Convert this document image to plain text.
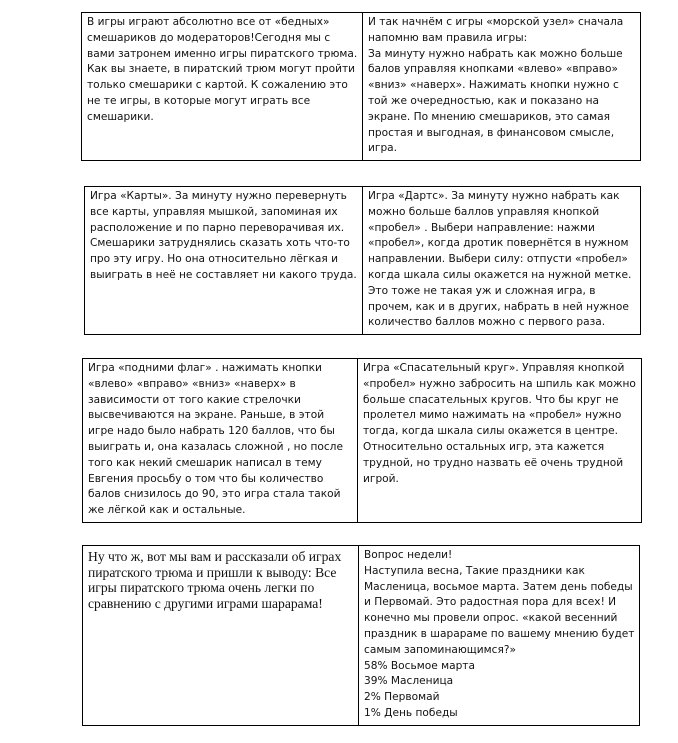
В игры играют абсолютно все от «бедных» смешариков до модераторов!Сегодня мы с вами затронем именно игры пиратского трюма. Как вы знаете, в пиратский трюм могут пройти только смешарики с картой. К сожалению это не те игры, в которые могут играть все смешарики.

И так начнём с игры «морской узел» сначала напомню вам правила игры:
За минуту нужно набрать как можно больше балов управляя кнопками «влево» «вправо» «вниз» «наверх». Нажимать кнопки нужно с той же очередностью, как и показано на экране. По мнению смешариков, это самая простая и выгодная, в финансовом смысле, игра.
Игра «Карты». За минуту нужно перевернуть все карты, управляя мышкой, запоминая их расположение и по парно переворачивая их. Смешарики затруднялись сказать хоть что-то про эту игру. Но она относительно лёгкая и выиграть в неё не составляет ни какого труда.

Игра «Дартс». За минуту нужно набрать как можно больше баллов управляя кнопкой «пробел» . Выбери направление: нажми «пробел», когда дротик повернётся в нужном направлении. Выбери силу: отпусти «пробел» когда шкала силы окажется на нужной метке. Это тоже не такая уж и сложная игра, в прочем, как и в других, набрать в ней нужное количество баллов можно с первого раза.
Игра «подними флаг» . нажимать кнопки «влево» «вправо» «вниз» «наверх» в зависимости от того какие стрелочки высвечиваются на экране. Раньше, в этой игре надо было набрать 120 баллов, что бы выиграть и, она казалась сложной , но после того как некий смешарик написал в тему Евгения просьбу о том что бы количество балов снизилось до 90, это игра стала такой же лёгкой как и остальные.

Игра «Спасательный круг». Управляя кнопкой «пробел» нужно забросить на шпиль как можно больше спасательных кругов. Что бы круг не пролетел мимо нажимать на «пробел» нужно тогда, когда шкала силы окажется в центре. Относительно остальных игр, эта кажется трудной, но трудно назвать её очень трудной игрой.
Ну что ж, вот мы вам и рассказали об играх пиратского трюма и пришли к выводу: Все игры пиратского трюма очень легки по сравнению с другими играми шарарама!

Вопрос недели!
Наступила весна, Такие праздники как Масленица, восьмое марта. Затем день победы и Первомай. Это радостная пора для всех! И конечно мы провели опрос. «какой весенний праздник в шарараме по вашему мнению будет самым запоминающимся?»
58% Восьмое марта
39% Масленица
2% Первомай
1% День победы
